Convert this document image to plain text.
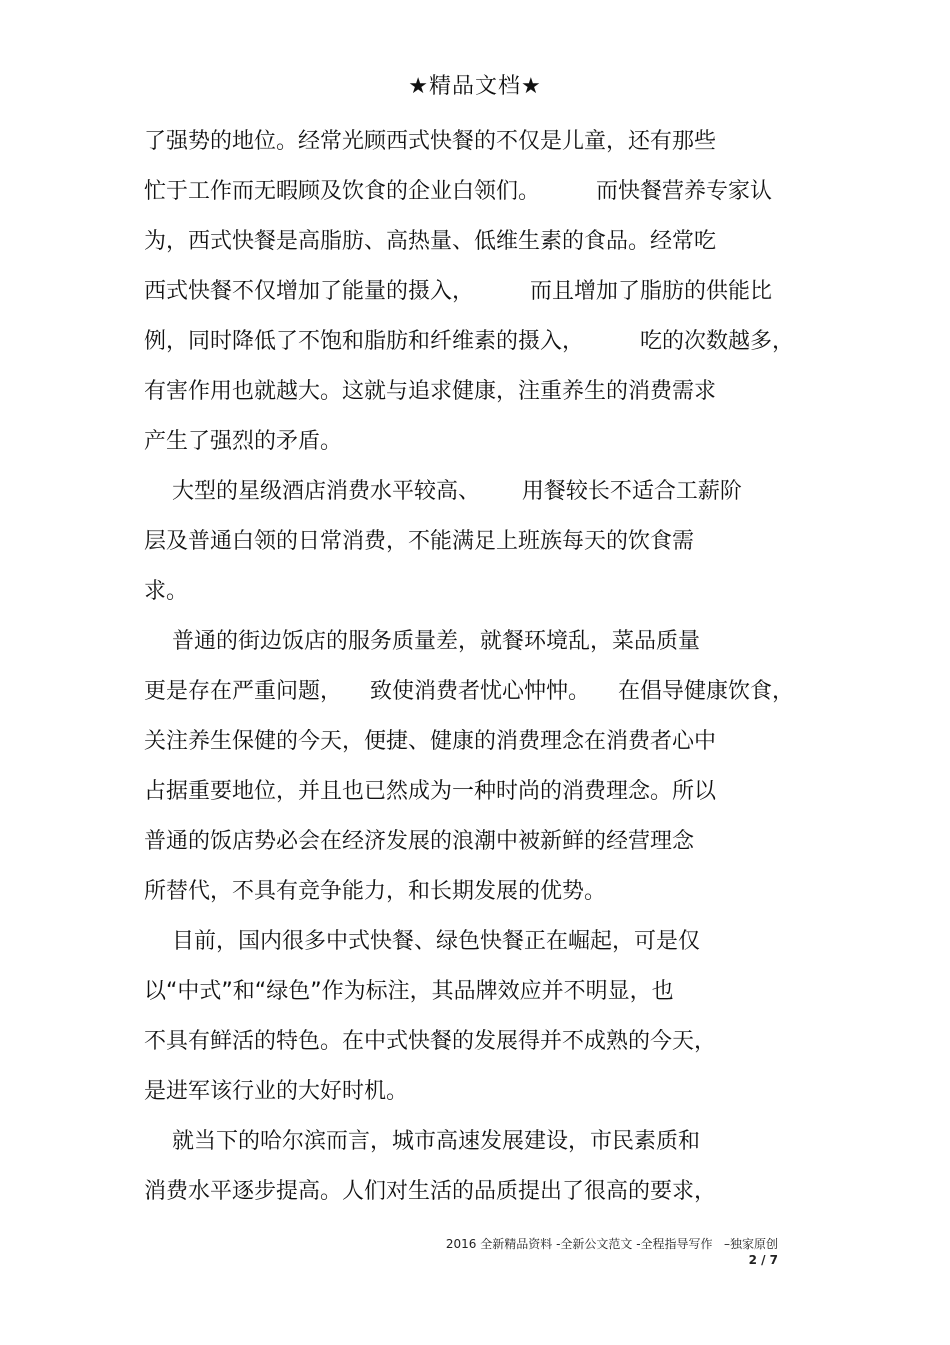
★精品文档★
了强势的地位。经常光顾西式快餐的不仅是儿童，还有那些
忙于工作而无暇顾及饮食的企业白领们。        而快餐营养专家认
为，西式快餐是高脂肪、高热量、低维生素的食品。经常吃
西式快餐不仅增加了能量的摄入，        而且增加了脂肪的供能比
例，同时降低了不饱和脂肪和纤维素的摄入，        吃的次数越多，
有害作用也就越大。这就与追求健康，注重养生的消费需求
产生了强烈的矛盾。
大型的星级酒店消费水平较高、      用餐较长不适合工薪阶
层及普通白领的日常消费，不能满足上班族每天的饮食需
求。
普通的街边饭店的服务质量差，就餐环境乱，菜品质量
更是存在严重问题，    致使消费者忧心忡忡。    在倡导健康饮食，
关注养生保健的今天，便捷、健康的消费理念在消费者心中
占据重要地位，并且也已然成为一种时尚的消费理念。所以
普通的饭店势必会在经济发展的浪潮中被新鲜的经营理念
所替代，不具有竞争能力，和长期发展的优势。
目前，国内很多中式快餐、绿色快餐正在崛起，可是仅
以“中式”和“绿色”作为标注，其品牌效应并不明显，也
不具有鲜活的特色。在中式快餐的发展得并不成熟的今天，
是进军该行业的大好时机。
就当下的哈尔滨而言，城市高速发展建设，市民素质和
消费水平逐步提高。人们对生活的品质提出了很高的要求，
2016 全新精品资料 -全新公文范文 -全程指导写作   –独家原创
2 / 7
